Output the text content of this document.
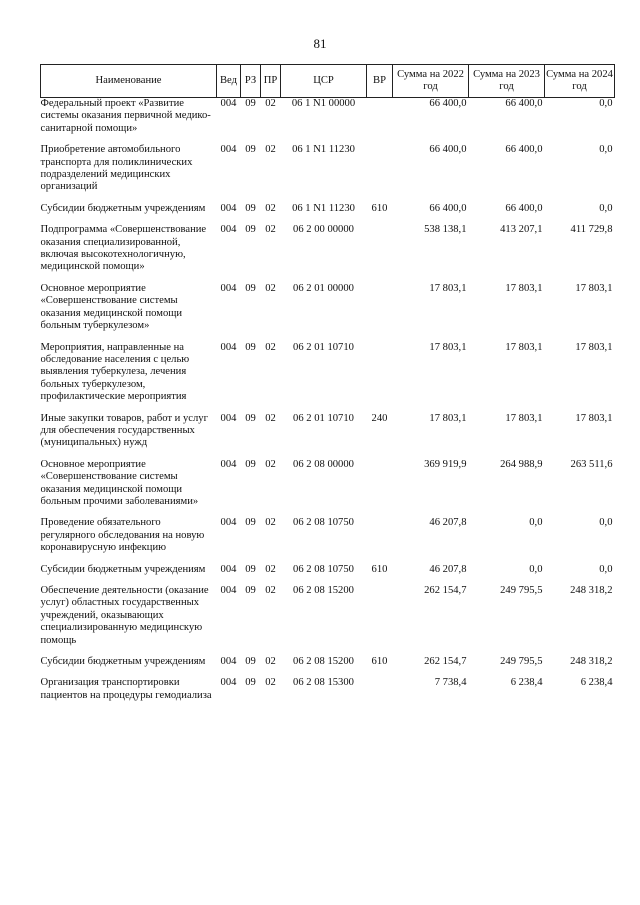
81
Наименование	Вед	РЗ	ПР	ЦСР	ВР	Сумма на 2022 год	Сумма на 2023 год	Сумма на 2024 год
Федеральный проект «Развитие системы оказания первичной медико-санитарной помощи»	004	09	02	06 1 N1 00000		66 400,0	66 400,0	0,0
Приобретение автомобильного транспорта для поликлинических подразделений медицинских организаций	004	09	02	06 1 N1 11230		66 400,0	66 400,0	0,0
Субсидии бюджетным учреждениям	004	09	02	06 1 N1 11230	610	66 400,0	66 400,0	0,0
Подпрограмма «Совершенствование оказания специализированной, включая высокотехнологичную, медицинской помощи»	004	09	02	06 2 00 00000		538 138,1	413 207,1	411 729,8
Основное мероприятие «Совершенствование системы оказания медицинской помощи больным туберкулезом»	004	09	02	06 2 01 00000		17 803,1	17 803,1	17 803,1
Мероприятия, направленные на обследование населения с целью выявления туберкулеза, лечения больных туберкулезом, профилактические мероприятия	004	09	02	06 2 01 10710		17 803,1	17 803,1	17 803,1
Иные закупки товаров, работ и услуг для обеспечения государственных (муниципальных) нужд	004	09	02	06 2 01 10710	240	17 803,1	17 803,1	17 803,1
Основное мероприятие «Совершенствование системы оказания медицинской помощи больным прочими заболеваниями»	004	09	02	06 2 08 00000		369 919,9	264 988,9	263 511,6
Проведение обязательного регулярного обследования на новую коронавирусную инфекцию	004	09	02	06 2 08 10750		46 207,8	0,0	0,0
Субсидии бюджетным учреждениям	004	09	02	06 2 08 10750	610	46 207,8	0,0	0,0
Обеспечение деятельности (оказание услуг) областных государственных учреждений, оказывающих специализированную медицинскую помощь	004	09	02	06 2 08 15200		262 154,7	249 795,5	248 318,2
Субсидии бюджетным учреждениям	004	09	02	06 2 08 15200	610	262 154,7	249 795,5	248 318,2
Организация транспортировки пациентов на процедуры гемодиализа	004	09	02	06 2 08 15300		7 738,4	6 238,4	6 238,4
